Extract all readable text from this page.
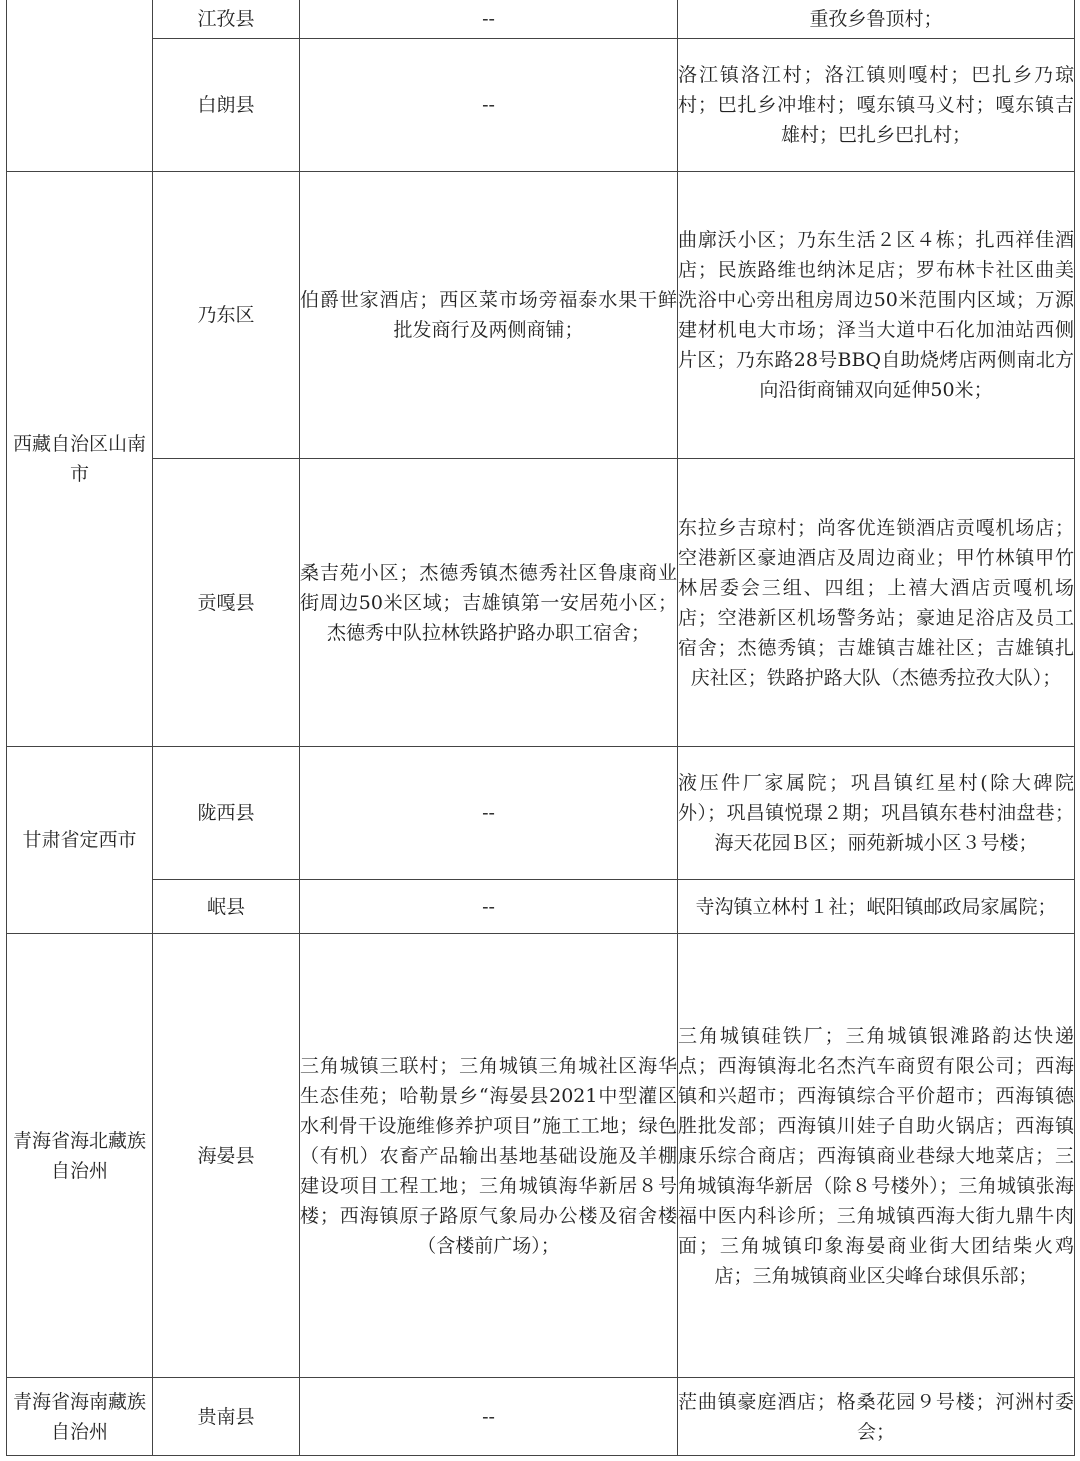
	江孜县	--	重孜乡鲁顶村；
	白朗县	--	洛江镇洛江村；洛江镇则嘎村；巴扎乡乃琼村；巴扎乡冲堆村；嘎东镇马义村；嘎东镇吉雄村；巴扎乡巴扎村；
西藏自治区山南市	乃东区	伯爵世家酒店；西区菜市场旁福泰水果干鲜批发商行及两侧商铺；	曲廓沃小区；乃东生活２区４栋；扎西祥佳酒店；民族路维也纳沐足店；罗布林卡社区曲美洗浴中心旁出租房周边50米范围内区域；万源建材机电大市场；泽当大道中石化加油站西侧片区；乃东路28号BBQ自助烧烤店两侧南北方向沿街商铺双向延伸50米；
	贡嘎县	桑吉苑小区；杰德秀镇杰德秀社区鲁康商业街周边50米区域；吉雄镇第一安居苑小区；杰德秀中队拉林铁路护路办职工宿舍；	东拉乡吉琼村；尚客优连锁酒店贡嘎机场店；空港新区豪迪酒店及周边商业；甲竹林镇甲竹林居委会三组、四组；上禧大酒店贡嘎机场店；空港新区机场警务站；豪迪足浴店及员工宿舍；杰德秀镇；吉雄镇吉雄社区；吉雄镇扎庆社区；铁路护路大队（杰德秀拉孜大队）；
甘肃省定西市	陇西县	--	液压件厂家属院；巩昌镇红星村(除大碑院外）；巩昌镇悦璟２期；巩昌镇东巷村油盘巷；海天花园Ｂ区；丽苑新城小区３号楼；
	岷县	--	寺沟镇立林村１社；岷阳镇邮政局家属院；
青海省海北藏族自治州	海晏县	三角城镇三联村；三角城镇三角城社区海华生态佳苑；哈勒景乡“海晏县2021中型灌区水利骨干设施维修养护项目”施工工地；绿色（有机）农畜产品输出基地基础设施及羊棚建设项目工程工地；三角城镇海华新居８号楼；西海镇原子路原气象局办公楼及宿舍楼（含楼前广场）；	三角城镇硅铁厂；三角城镇银滩路韵达快递点；西海镇海北名杰汽车商贸有限公司；西海镇和兴超市；西海镇综合平价超市；西海镇德胜批发部；西海镇川娃子自助火锅店；西海镇康乐综合商店；西海镇商业巷绿大地菜店；三角城镇海华新居（除８号楼外）；三角城镇张海福中医内科诊所；三角城镇西海大街九鼎牛肉面；三角城镇印象海晏商业街大团结柴火鸡店；三角城镇商业区尖峰台球俱乐部；
青海省海南藏族自治州	贵南县	--	茫曲镇豪庭酒店；格桑花园９号楼；河洲村委会；
